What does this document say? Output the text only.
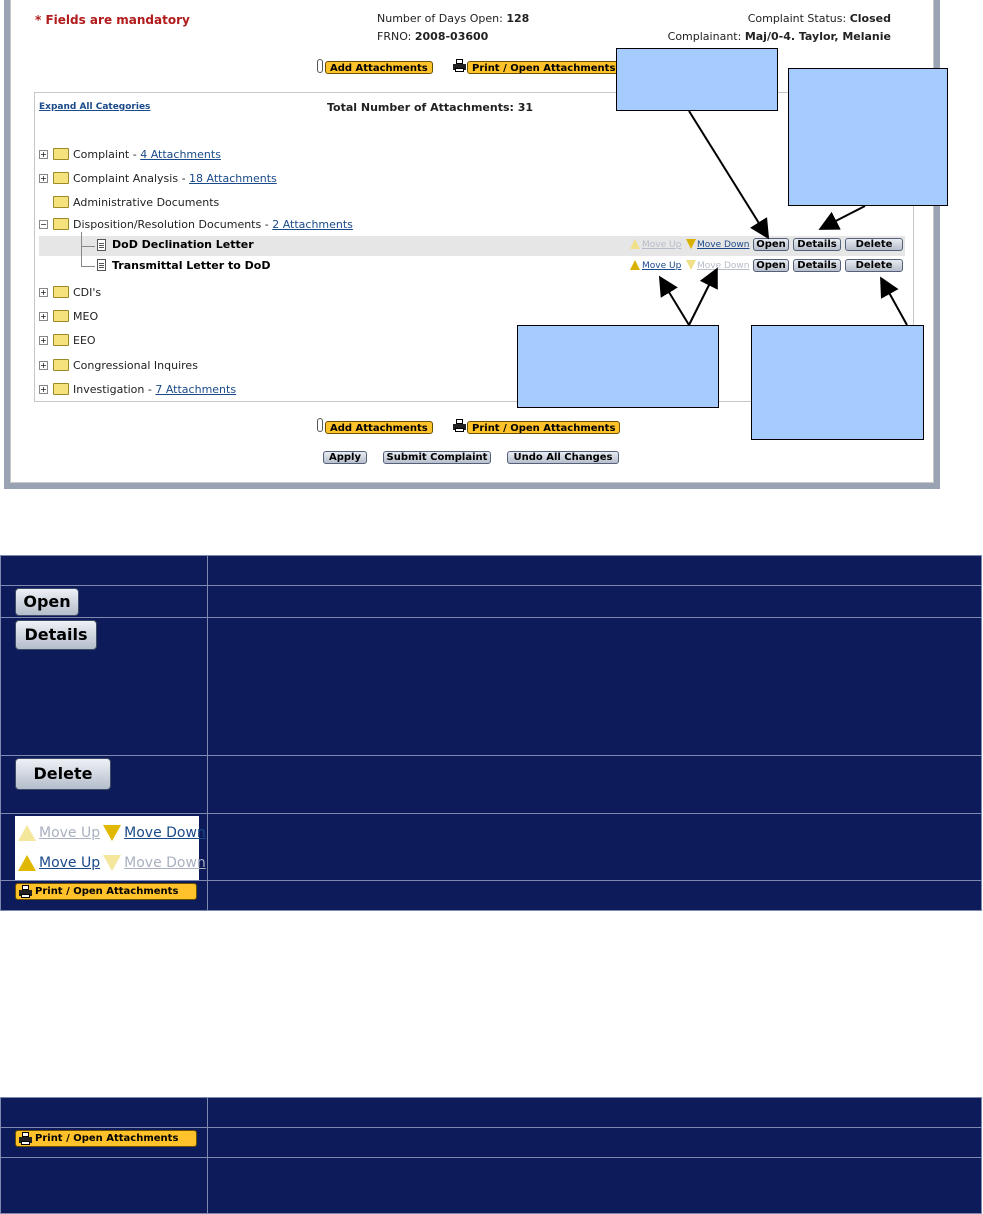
* Fields are mandatory	Number of Days Open: 128
FRNO: 2008-03600
Complaint Status: Closed
Complainant: Maj/0-4. Taylor, Melanie
Add Attachments	Print / Open Attachments
Add Attachments	Print / Open Attachments
Apply	Submit Complaint	Undo All Changes
Expand All Categories	Total Number of Attachments: 31
+ Complaint - 4 Attachments
+ Complaint Analysis - 18 Attachments
Administrative Documents
− Disposition/Resolution Documents - 2 Attachments
DoD Declination Letter	Move Up Move Down Open	Details	Delete
Transmittal Letter to DoD	Move Up Move Down Open	Details	Delete
+ CDI's
+ MEO
+ EEO
+ Congressional Inquires
+ Investigation - 7 Attachments

Open	
Details	
Delete	

Move Up Move Down
Move Up Move Down	

Print / Open Attachments	

Print / Open Attachments	
